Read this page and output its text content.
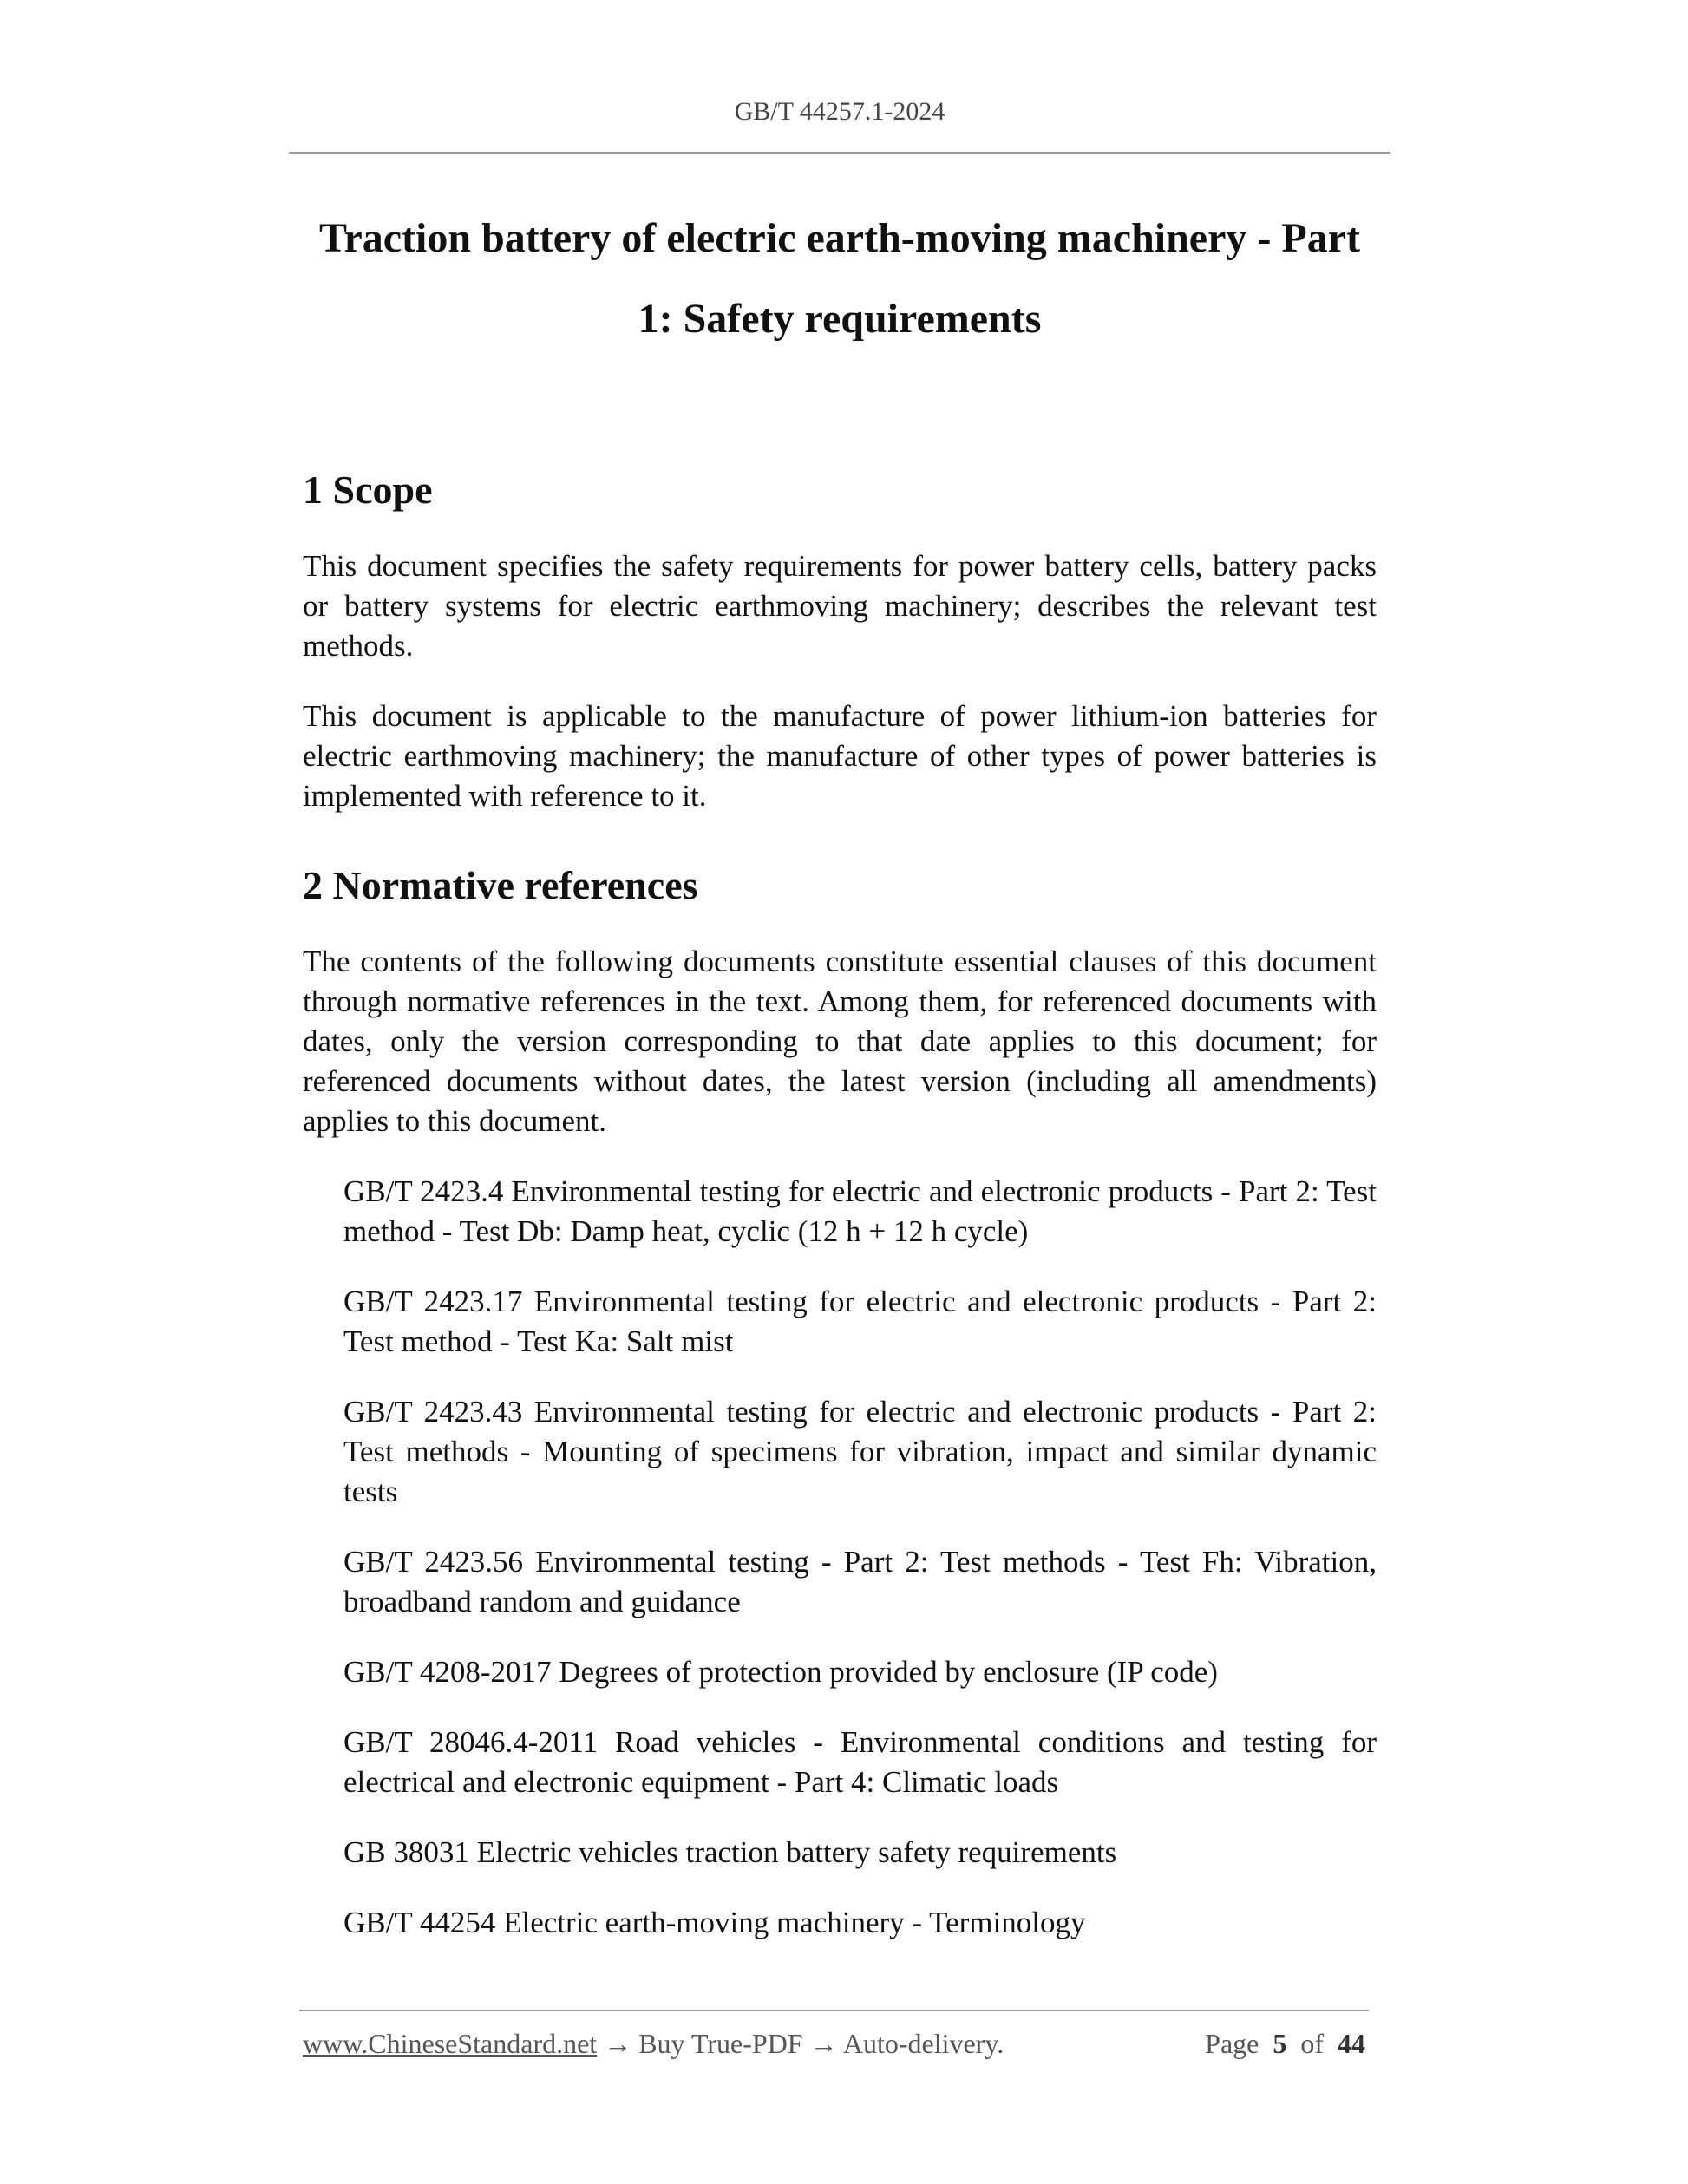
GB/T 44257.1-2024
Traction battery of electric earth-moving machinery - Part
1: Safety requirements
1 Scope

This document specifies the safety requirements for power battery cells, battery packs or battery systems for electric earthmoving machinery; describes the relevant test methods.

This document is applicable to the manufacture of power lithium-ion batteries for electric earthmoving machinery; the manufacture of other types of power batteries is implemented with reference to it.

2 Normative references

The contents of the following documents constitute essential clauses of this document through normative references in the text. Among them, for referenced documents with dates, only the version corresponding to that date applies to this document; for referenced documents without dates, the latest version (including all amendments) applies to this document.

GB/T 2423.4 Environmental testing for electric and electronic products - Part 2: Test method - Test Db: Damp heat, cyclic (12 h + 12 h cycle)
GB/T 2423.17 Environmental testing for electric and electronic products - Part 2: Test method - Test Ka: Salt mist
GB/T 2423.43 Environmental testing for electric and electronic products - Part 2: Test methods - Mounting of specimens for vibration, impact and similar dynamic tests
GB/T 2423.56 Environmental testing - Part 2: Test methods - Test Fh: Vibration, broadband random and guidance
GB/T 4208-2017 Degrees of protection provided by enclosure (IP code)
GB/T 28046.4-2011 Road vehicles - Environmental conditions and testing for electrical and electronic equipment - Part 4: Climatic loads
GB 38031 Electric vehicles traction battery safety requirements
GB/T 44254 Electric earth-moving machinery - Terminology
www.ChineseStandard.net → Buy True-PDF → Auto-delivery.	Page 5 of 44
